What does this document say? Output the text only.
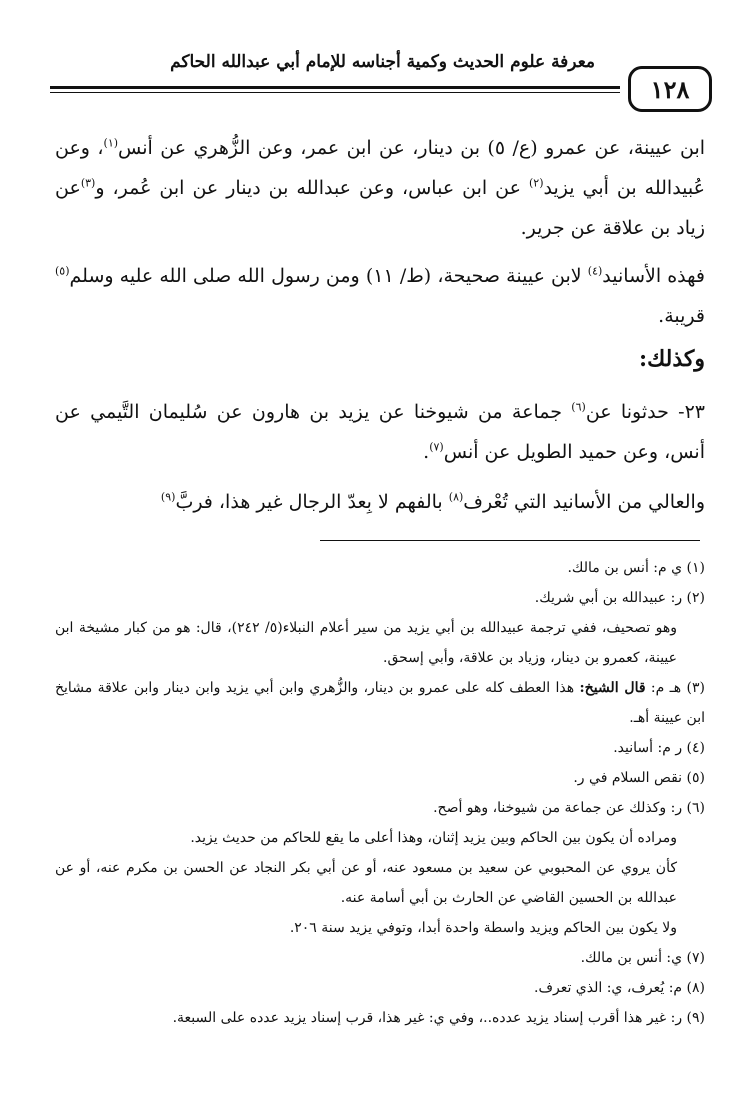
معرفة علوم الحديث وكمية أجناسه للإمام أبي عبدالله الحاكم
١٢٨

ابن عيينة، عن عمرو (ع/ ٥) بن دينار، عن ابن عمر، وعن الزُّهري عن أنس$^{(١)}$، وعن عُبيدالله بن أبي يزيد$^{(٢)}$ عن ابن عباس، وعن عبدالله بن دينار عن ابن عُمر، و$^{(٣)}$عن زياد بن علاقة عن جرير.

فهذه الأسانيد$^{(٤)}$ لابن عيينة صحيحة، (ط/ ١١) ومن رسول الله صلى الله عليه وسلم$^{(٥)}$ قريبة.

وكذلك:

٢٣- حدثونا عن$^{(٦)}$ جماعة من شيوخنا عن يزيد بن هارون عن سُليمان التَّيمي عن أنس، وعن حميد الطويل عن أنس$^{(٧)}$.

والعالي من الأسانيد التي تُعْرف$^{(٨)}$ بالفهم لا بِعدّ الرجال غير هذا، فربَّ$^{(٩)}$

(١) ي م: أنس بن مالك.

(٢) ر: عبيدالله بن أبي شريك.

وهو تصحيف، ففي ترجمة عبيدالله بن أبي يزيد من سير أعلام النبلاء(٥/ ٢٤٢)، قال: هو من كبار مشيخة ابن عيينة، كعمرو بن دينار، وزياد بن علاقة، وأبي إسحق.

(٣) هـ م: قال الشيخ: هذا العطف كله على عمرو بن دينار، والزُّهري وابن أبي يزيد وابن دينار وابن علاقة مشايخ ابن عيينة أهـ.

(٤) ر م: أسانيد.

(٥) نقص السلام في ر.

(٦) ر: وكذلك عن جماعة من شيوخنا، وهو أصح.

ومراده أن يكون بين الحاكم وبين يزيد إثنان، وهذا أعلى ما يقع للحاكم من حديث يزيد.

كأن يروي عن المحبوبي عن سعيد بن مسعود عنه، أو عن أبي بكر النجاد عن الحسن بن مكرم عنه، أو عن عبدالله بن الحسين القاضي عن الحارث بن أبي أسامة عنه.

ولا يكون بين الحاكم ويزيد واسطة واحدة أبدا، وتوفي يزيد سنة ٢٠٦.

(٧) ي: أنس بن مالك.

(٨) م: يُعرف، ي: الذي تعرف.

(٩) ر: غير هذا أقرب إسناد يزيد عدده..، وفي ي: غير هذا، قرب إسناد يزيد عدده على السبعة.
